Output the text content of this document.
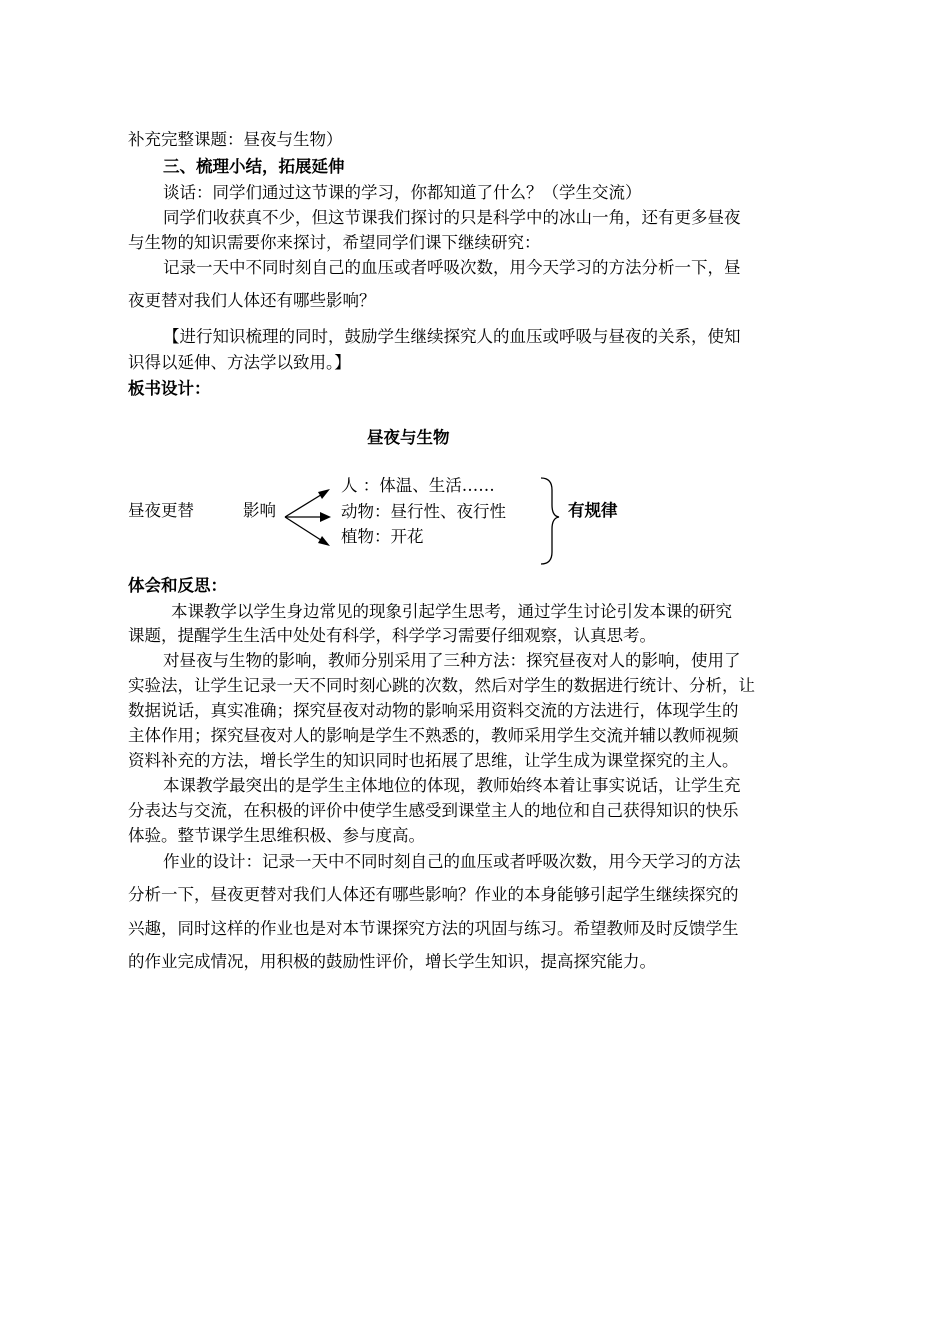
补充完整课题：昼夜与生物）
三、梳理小结，拓展延伸
谈话：同学们通过这节课的学习，你都知道了什么？（学生交流）
同学们收获真不少，但这节课我们探讨的只是科学中的冰山一角，还有更多昼夜
与生物的知识需要你来探讨，希望同学们课下继续研究：
记录一天中不同时刻自己的血压或者呼吸次数，用今天学习的方法分析一下，昼
夜更替对我们人体还有哪些影响？
【进行知识梳理的同时，鼓励学生继续探究人的血压或呼吸与昼夜的关系，使知
识得以延伸、方法学以致用。】
板书设计：
昼夜与生物
昼夜更替	影响
人 ：体温、生活……
动物：昼行性、夜行性
植物：开花
有规律
体会和反思：
本课教学以学生身边常见的现象引起学生思考，通过学生讨论引发本课的研究
课题，提醒学生生活中处处有科学，科学学习需要仔细观察，认真思考。
对昼夜与生物的影响，教师分别采用了三种方法：探究昼夜对人的影响，使用了
实验法，让学生记录一天不同时刻心跳的次数，然后对学生的数据进行统计、分析，让
数据说话，真实准确；探究昼夜对动物的影响采用资料交流的方法进行，体现学生的
主体作用；探究昼夜对人的影响是学生不熟悉的，教师采用学生交流并辅以教师视频
资料补充的方法，增长学生的知识同时也拓展了思维，让学生成为课堂探究的主人。
本课教学最突出的是学生主体地位的体现，教师始终本着让事实说话，让学生充
分表达与交流，在积极的评价中使学生感受到课堂主人的地位和自己获得知识的快乐
体验。整节课学生思维积极、参与度高。
作业的设计：记录一天中不同时刻自己的血压或者呼吸次数，用今天学习的方法
分析一下，昼夜更替对我们人体还有哪些影响？作业的本身能够引起学生继续探究的
兴趣，同时这样的作业也是对本节课探究方法的巩固与练习。希望教师及时反馈学生
的作业完成情况，用积极的鼓励性评价，增长学生知识，提高探究能力。
